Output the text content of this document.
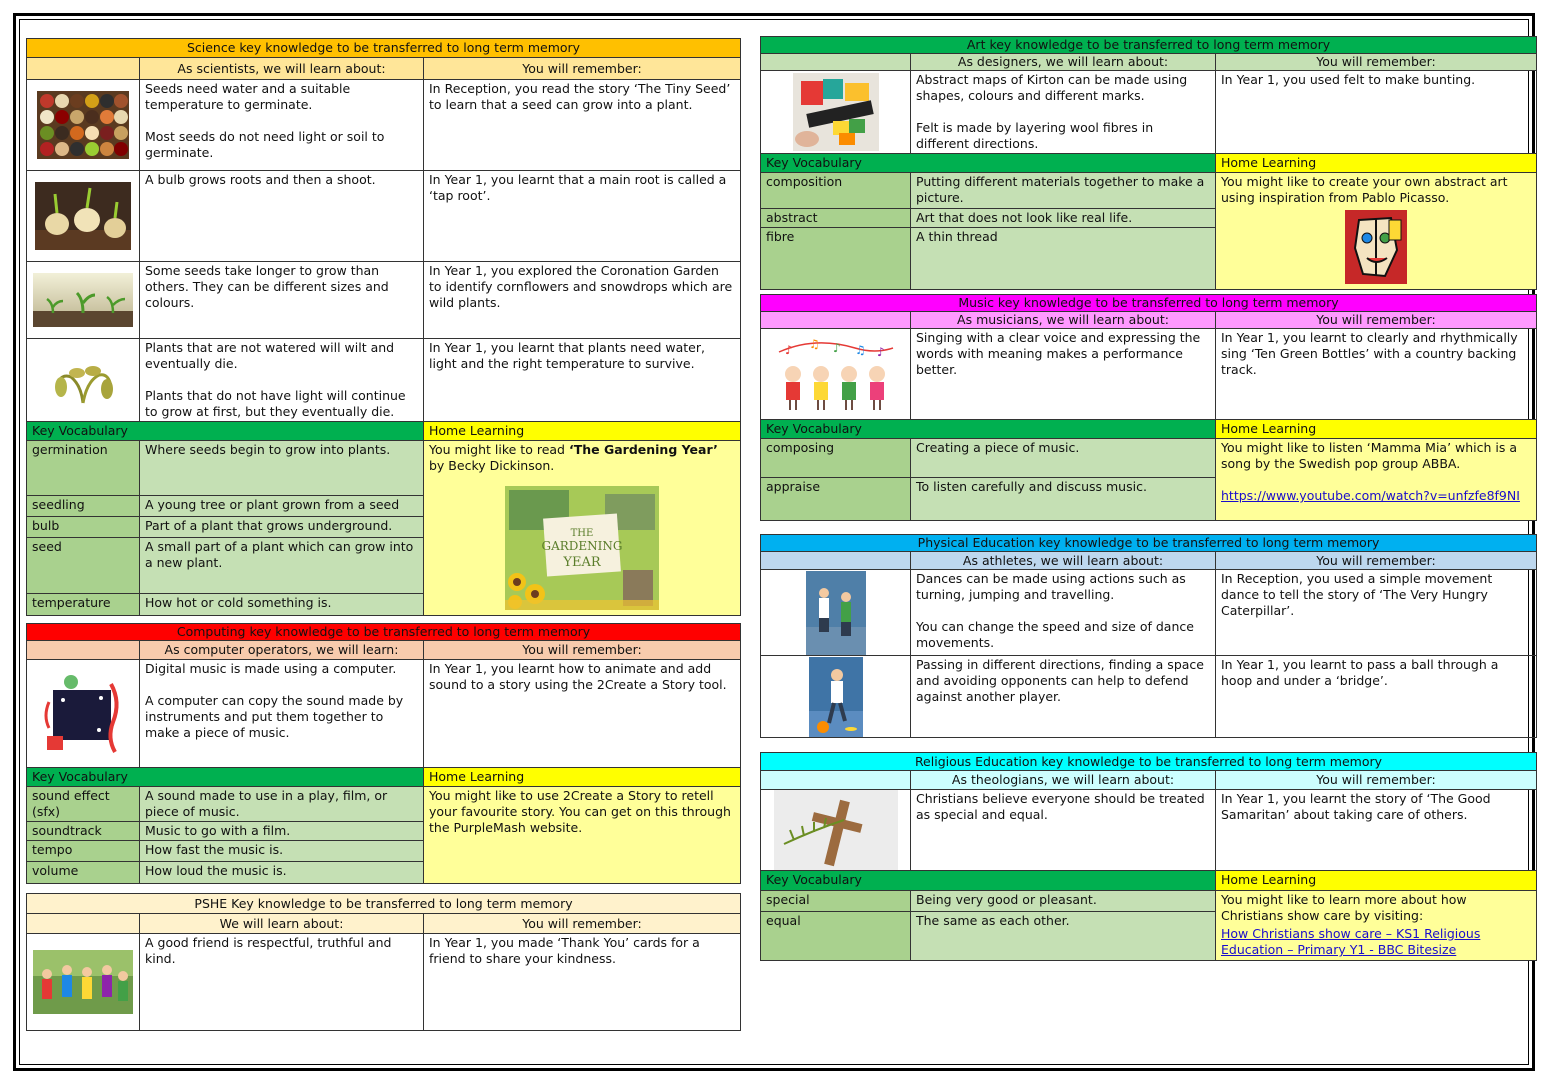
Science key knowledge to be transferred to long term memory		
	As scientists, we will learn about:	You will remember:

Seeds need water and a suitable temperature to germinate.

Most seeds do not need light or soil to germinate.	In Reception, you read the story ‘The Tiny Seed’ to learn that a seed can grow into a plant.
	A bulb grows roots and then a shoot.	In Year 1, you learnt that a main root is called a ‘tap root’.
	Some seeds take longer to grow than others. They can be different sizes and colours.	In Year 1, you explored the Coronation Garden to identify cornflowers and snowdrops which are wild plants.

Plants that are not watered will wilt and eventually die.

Plants that do not have light will continue to grow at first, but they eventually die.	In Year 1, you learnt that plants need water, light and the right temperature to survive.
Key Vocabulary		Home Learning
germination	Where seeds begin to grow into plants.	You might like to read ‘The Gardening Year’ by Becky Dickinson.
THE
GARDENING
YEAR

seedling	A young tree or plant grown from a seed	
bulb	Part of a plant that grows underground.	
seed	A small part of a plant which can grow into a new plant.	
temperature	How hot or cold something is.	
Computing key knowledge to be transferred to long term memory		
	As computer operators, we will learn:	You will remember:

Digital music is made using a computer.

A computer can copy the sound made by instruments and put them together to make a piece of music.	In Year 1, you learnt how to animate and add sound to a story using the 2Create a Story tool.
Key Vocabulary		Home Learning
sound effect (sfx)	A sound made to use in a play, film, or piece of music.	You might like to use 2Create a Story to retell your favourite story. You can get on this through the PurpleMash website.
soundtrack	Music to go with a film.	
tempo	How fast the music is.	
volume	How loud the music is.	
PSHE Key knowledge to be transferred to long term memory		
	We will learn about:	You will remember:
	A good friend is respectful, truthful and kind.	In Year 1, you made ‘Thank You’ cards for a friend to share your kindness.
Art key knowledge to be transferred to long term memory		
	As designers, we will learn about:	You will remember:

Abstract maps of Kirton can be made using shapes, colours and different marks.

Felt is made by layering wool fibres in different directions.	In Year 1, you used felt to make bunting.
Key Vocabulary		Home Learning
composition	Putting different materials together to make a picture.	You might like to create your own abstract art using inspiration from Pablo Picasso.

abstract	Art that does not look like real life.	
fibre	A thin thread	
Music key knowledge to be transferred to long term memory		
	As musicians, we will learn about:	You will remember:

♪ ♫ ♪ ♫ ♪	Singing with a clear voice and expressing the words with meaning makes a performance better.	In Year 1, you learnt to clearly and rhythmically sing ‘Ten Green Bottles’ with a country backing track.
Key Vocabulary		Home Learning
composing	Creating a piece of music.	You might like to listen ‘Mamma Mia’ which is a song by the Swedish pop group ABBA.
https://www.youtube.com/watch?v=unfzfe8f9NI

appraise	To listen carefully and discuss music.	
Physical Education key knowledge to be transferred to long term memory		
	As athletes, we will learn about:	You will remember:

Dances can be made using actions such as turning, jumping and travelling.

You can change the speed and size of dance movements.	In Reception, you used a simple movement dance to tell the story of ‘The Very Hungry Caterpillar’.
	Passing in different directions, finding a space and avoiding opponents can help to defend against another player.	In Year 1, you learnt to pass a ball through a hoop and under a ‘bridge’.
Religious Education key knowledge to be transferred to long term memory		
	As theologians, we will learn about:	You will remember:
	Christians believe everyone should be treated as special and equal.	In Year 1, you learnt the story of ‘The Good Samaritan’ about taking care of others.
Key Vocabulary		Home Learning
special	Being very good or pleasant.	You might like to learn more about how Christians show care by visiting:
How Christians show care – KS1 Religious Education – Primary Y1 - BBC Bitesize

equal	The same as each other.	
